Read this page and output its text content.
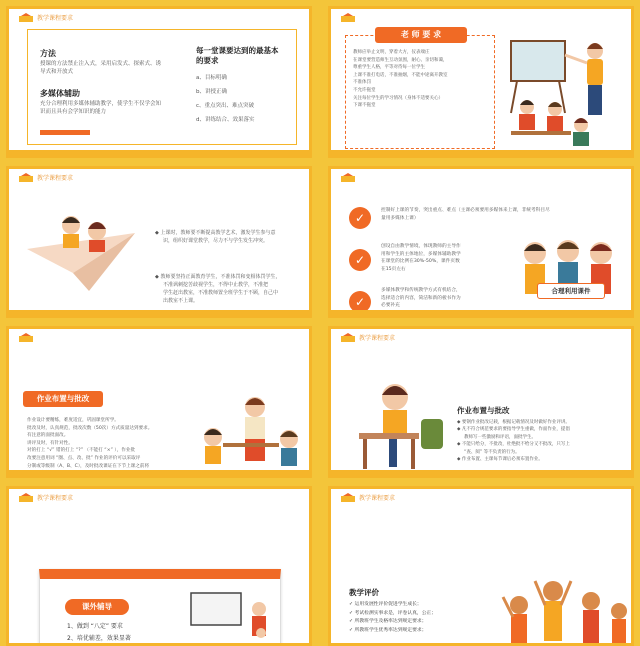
教学课程要求
方法
授课的方法禁止注入式，采用启发式、探索式、诱
导式和开放式
多媒体辅助
充分合理利用多媒体辅助教学，使学生不仅学会知
识而且具有会学知识的能力
每一堂课要达到的最基本
的要求
a、目标明确
b、讲授正确
c、重点突出、难点突破
d、讲练结合、效果落实
老 师 要 求
教师应举止文明，穿着大方，仪表端庄
在课堂要营造师生互动氛围，耐心、亲切和蔼，
尊重学生人格，平等对待每一位学生
上课不准打电话，不准抽烟，不能中途离开教室
不准体罚
不允许拖堂
关注每位学生的学习情况（身体不适要关心）
下课不拖堂
教学课程要求
◆ 上课时，教师要不断提高教学艺术，激发学生参与意
识，组织好课堂教学，尽力不与学生发生冲突。
◆ 教师要坚持正面教育学生，不准体罚和变相体罚学生，
不准讽刺挖苦歧视学生，不得中止教学，不准把
学生赶出教室，不准教师置全班学生于不顾，自己中
出教室不上课。
✓
控制好上课的节奏，突出重点、难点（主课必须要用多媒体来上课，非统考科目尽
量用多媒体上课）
✓
创设自由教学情境，体现教师的主导作
用和学生的主体地位，多媒体辅助教学
在课堂的比例在30%-50%，课件页数
在15页左右
✓
多媒体教学和传统教学方式有机结合，
选择适合的内容，简洁和新的板书作为
必要补充
合理利用课件
作业布置与批改
作业设计要精练，难度适宜，巩固课堂所学。
批改及时，认真规范，批改次数（50次）方式质量达到要求。
有注意的面批面改。
讲评及时，有针对性。
对的打上 “√” 错的打上 “?” （不能打 “×” ），作业批
改要注意用词 “圈、点、改、批” 作业的评价可以采取评
分制或等级制（A、B、C），及时批改课证在下节上课之前将
教学课程要求
作业布置与批改
◆ 要钢作业批改记载，根据记载情况及时做好作业评讲。
◆ 凡不符合规范要求的要指导学生重做，作面作业，提倡
教师写一些激励和评语，面批学生。
◆ 不能只给分，不批改，杜绝批不给分又不批改，只写上
“查、阅” 等不负责的行为。
◆ 作业布置、主课每节课后必须布置作业。
教学课程要求
课外辅导
1、做到 “八定” 要求
2、培优辅差，效果显著
教学课程要求
教学评价
✓ 运用发展性评价促进学生成长；
✓ 考试检测实事求是，评卷认真，公正；
✓ 所教班学生及格率达到规定要求；
✓ 所教班学生优秀率达到规定要求；
